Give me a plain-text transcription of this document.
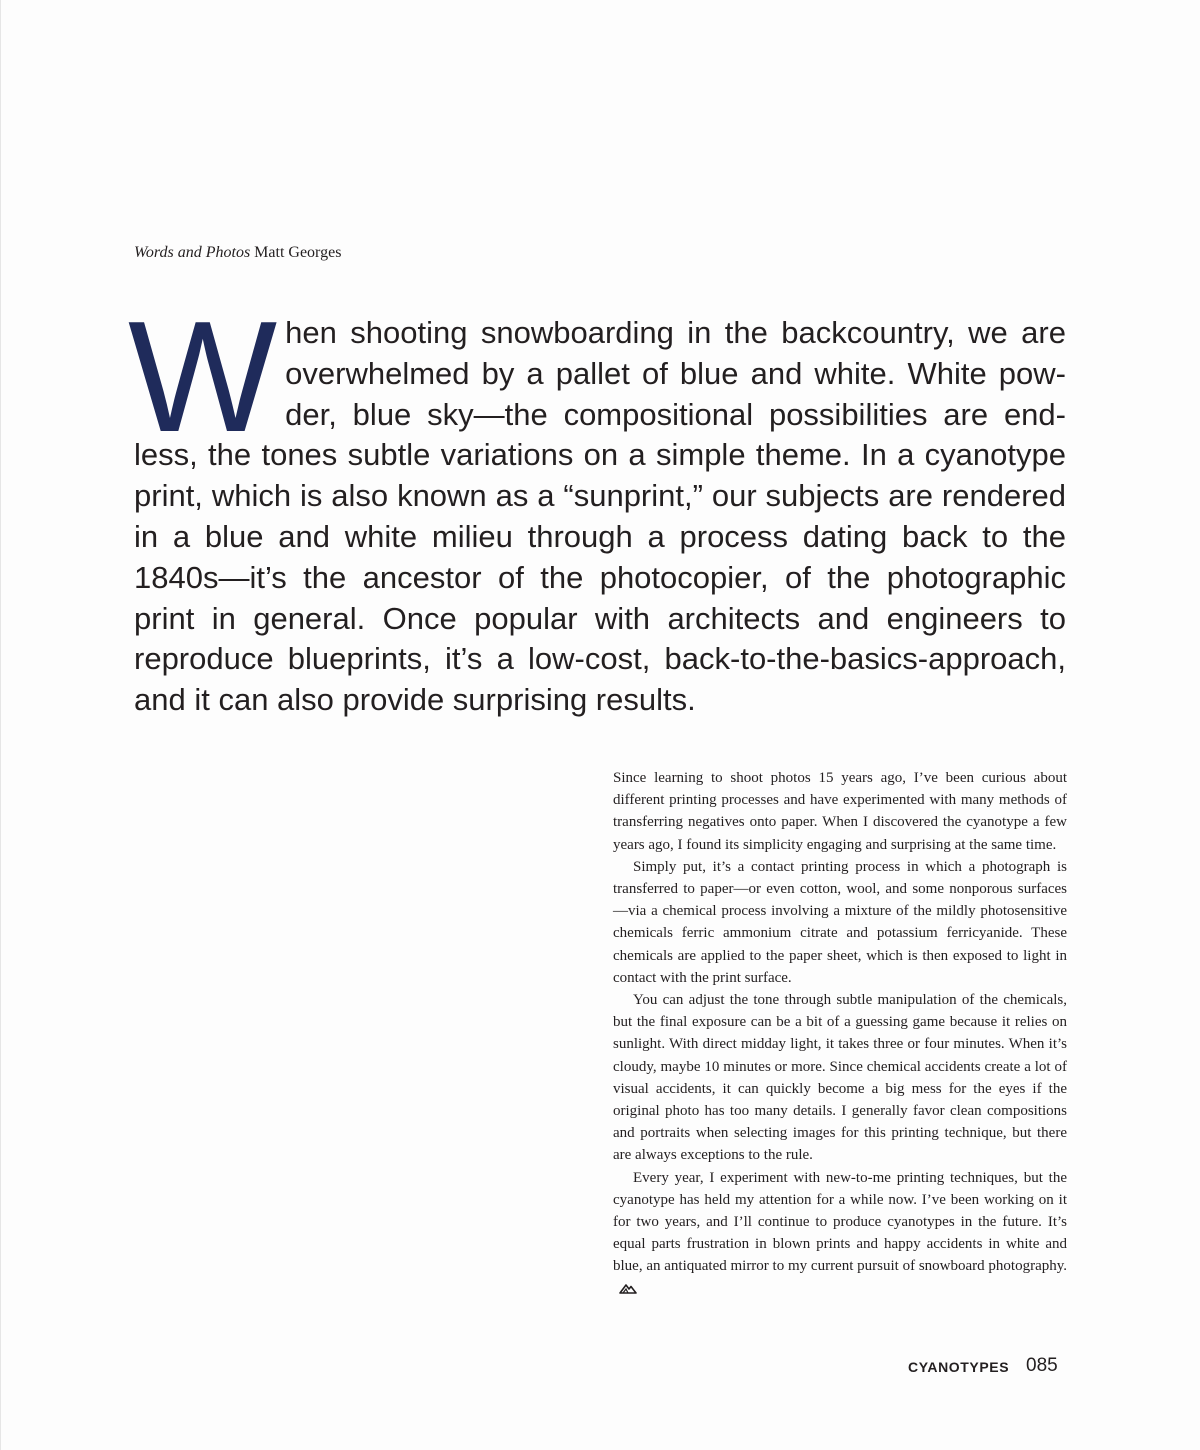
Words and Photos Matt Georges

When shooting snowboarding in the backcountry, we are overwhelmed by a pallet of blue and white. White powder, blue sky—the compositional possibilities are endless, the tones subtle variations on a simple theme. In a cyanotype print, which is also known as a “sunprint,” our subjects are rendered in a blue and white milieu through a process dating back to the 1840s—it’s the ancestor of the photocopier, of the photographic print in general. Once popular with architects and engineers to reproduce blueprints, it’s a low-cost, back-to-the-basics-approach, and it can also provide surprising results.

Since learning to shoot photos 15 years ago, I’ve been curious about different printing processes and have experimented with many methods of transferring negatives onto paper. When I discovered the cyanotype a few years ago, I found its simplicity engaging and surprising at the same time.

Simply put, it’s a contact printing process in which a photograph is transferred to paper—or even cotton, wool, and some nonporous surfaces—via a chemical process involving a mixture of the mildly photosensitive chemicals ferric ammonium citrate and potassium ferricyanide. These chemicals are applied to the paper sheet, which is then exposed to light in contact with the print surface.

You can adjust the tone through subtle manipulation of the chemicals, but the final exposure can be a bit of a guessing game because it relies on sunlight. With direct midday light, it takes three or four minutes. When it’s cloudy, maybe 10 minutes or more. Since chemical accidents create a lot of visual accidents, it can quickly become a big mess for the eyes if the original photo has too many details. I generally favor clean compositions and portraits when selecting images for this printing technique, but there are always exceptions to the rule.

Every year, I experiment with new-to-me printing techniques, but the cyanotype has held my attention for a while now. I’ve been working on it for two years, and I’ll continue to produce cyanotypes in the future. It’s equal parts frustration in blown prints and happy accidents in white and blue, an antiquated mirror to my current pursuit of snowboard photography.

CYANOTYPES 085
